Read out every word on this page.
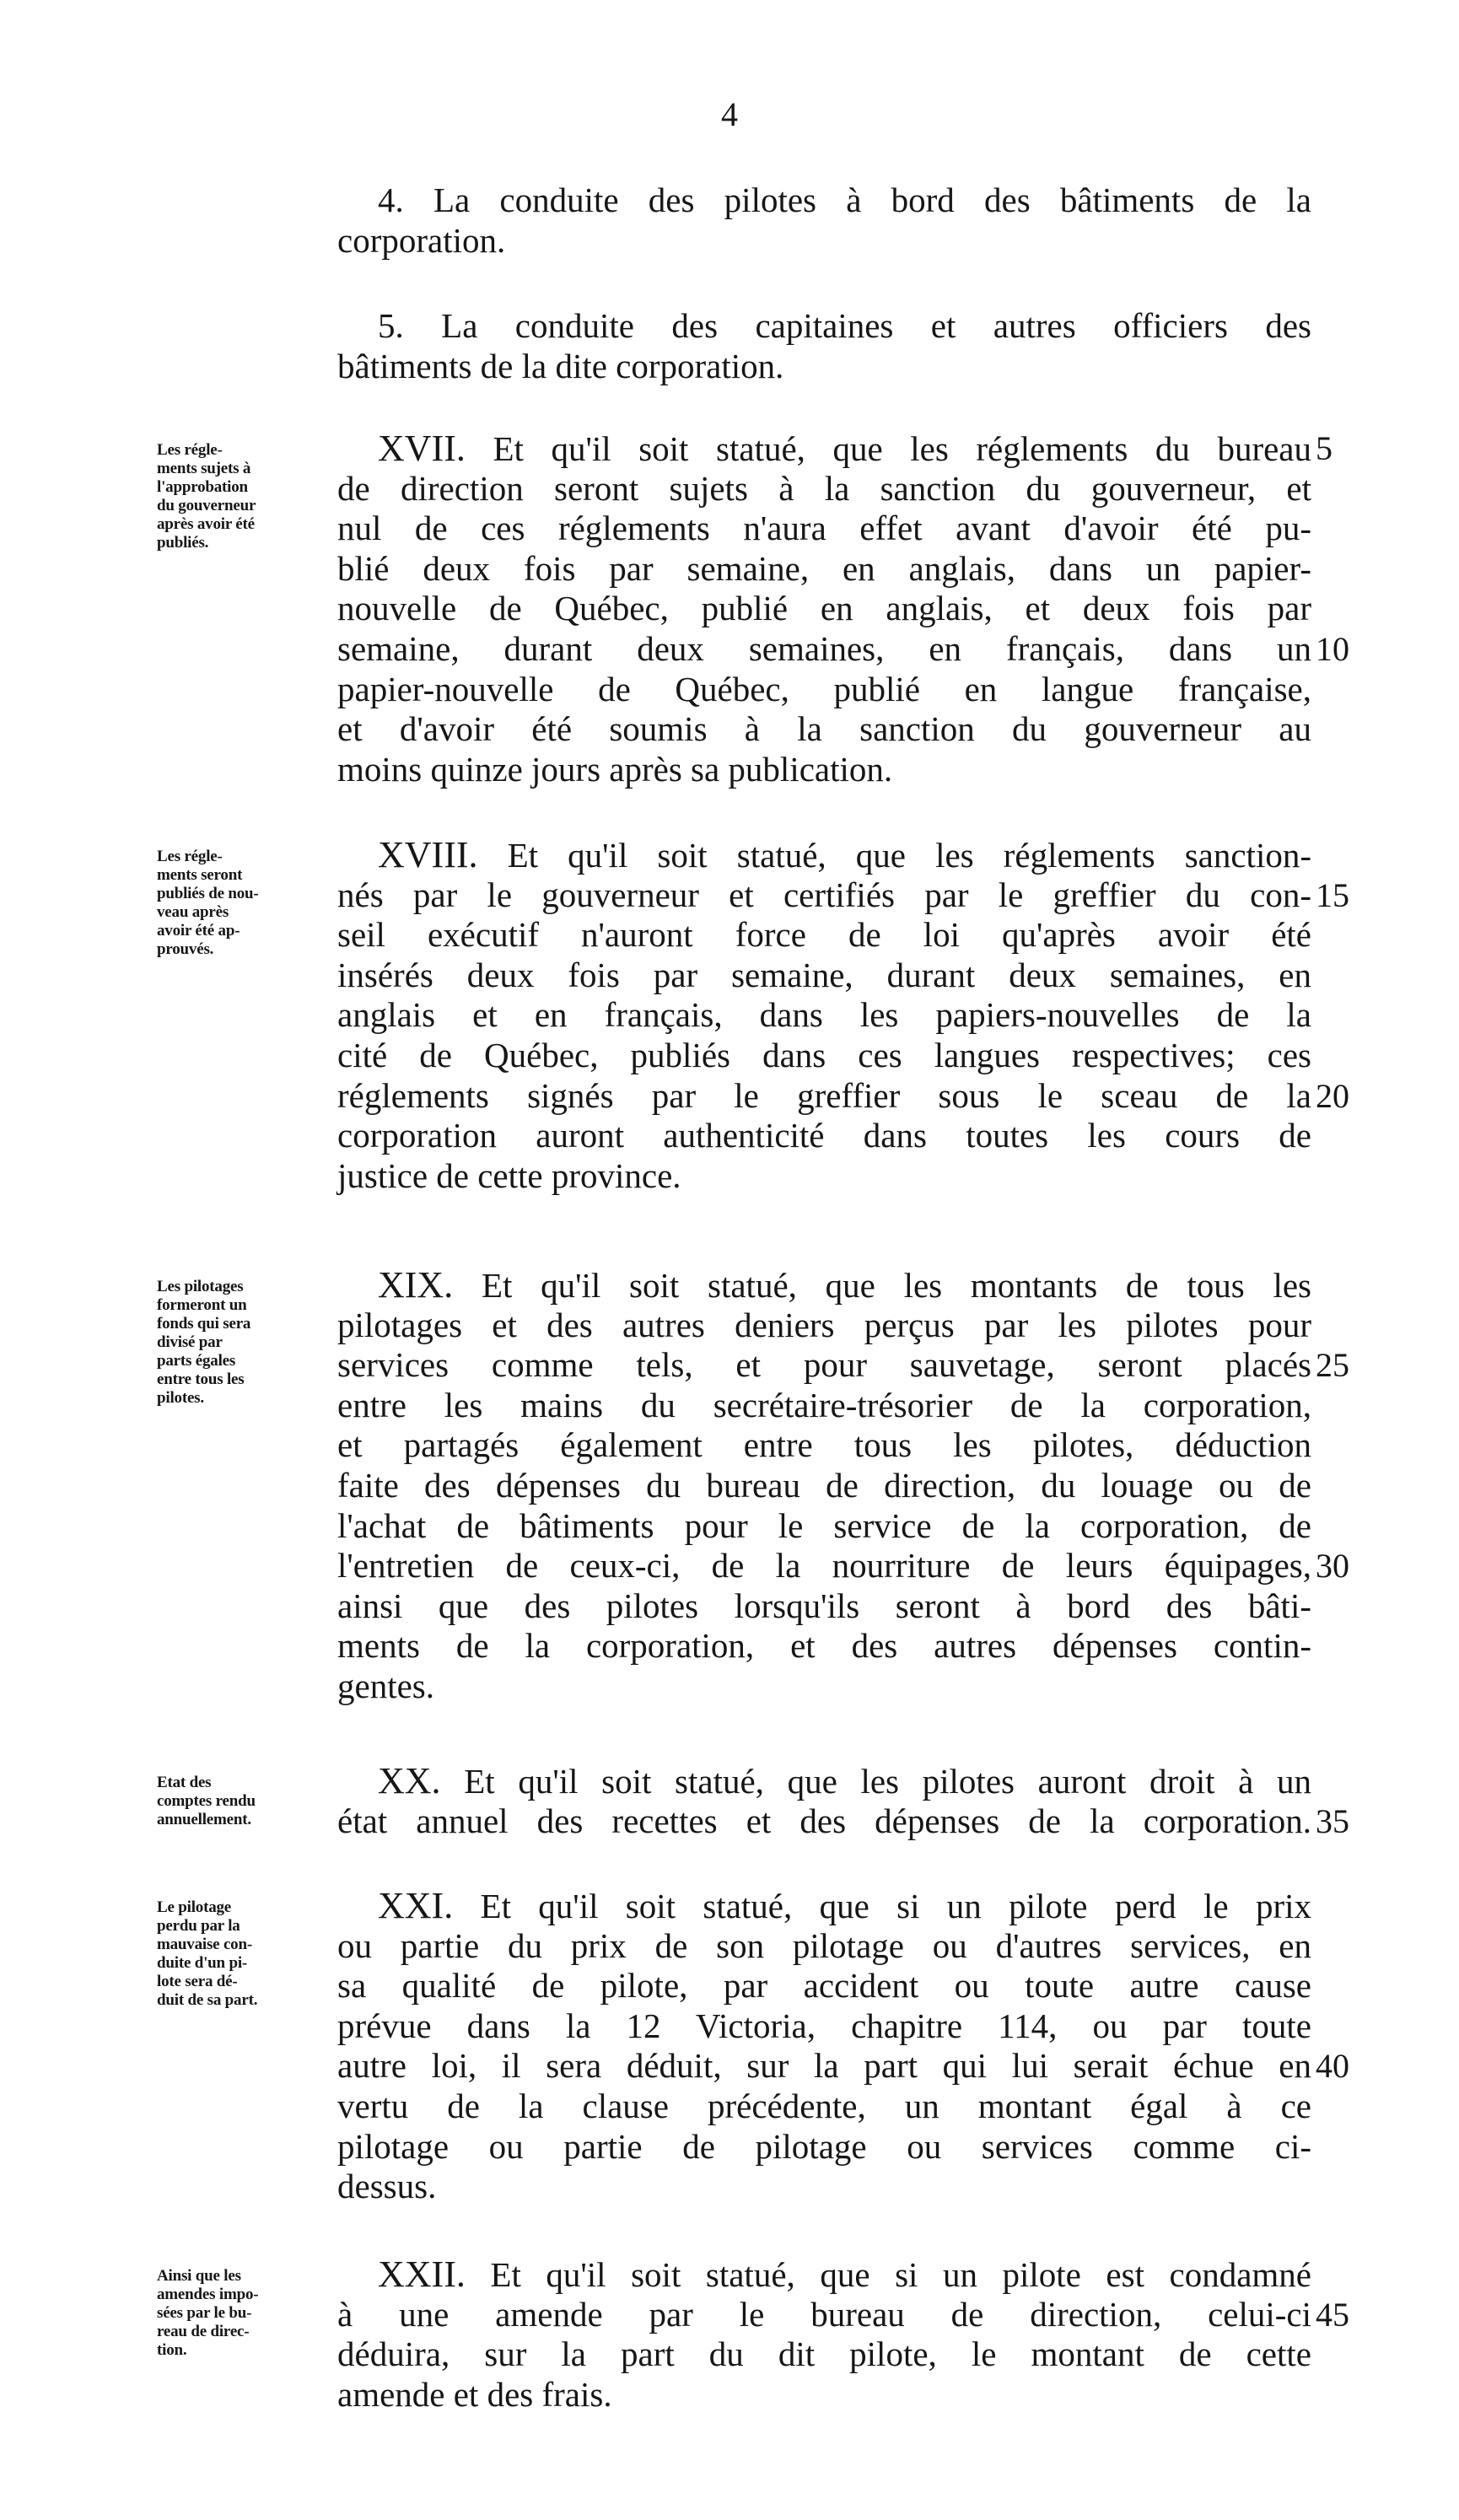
4
4. La conduite des pilotes à bord des bâtiments de la
corporation.
5. La conduite des capitaines et autres officiers des
bâtiments de la dite corporation.
Les régle-
ments sujets à
l'approbation
du gouverneur
après avoir été
publiés.
XVII. Et qu'il soit statué, que les réglements du bureau
de direction seront sujets à la sanction du gouverneur, et
nul de ces réglements n'aura effet avant d'avoir été pu-
blié deux fois par semaine, en anglais, dans un papier-
nouvelle de Québec, publié en anglais, et deux fois par
semaine, durant deux semaines, en français, dans un
papier-nouvelle de Québec, publié en langue française,
et d'avoir été soumis à la sanction du gouverneur au
moins quinze jours après sa publication.
5
10
Les régle-
ments seront
publiés de nou-
veau après
avoir été ap-
prouvés.
XVIII. Et qu'il soit statué, que les réglements sanction-
nés par le gouverneur et certifiés par le greffier du con-
seil exécutif n'auront force de loi qu'après avoir été
insérés deux fois par semaine, durant deux semaines, en
anglais et en français, dans les papiers-nouvelles de la
cité de Québec, publiés dans ces langues respectives; ces
réglements signés par le greffier sous le sceau de la
corporation auront authenticité dans toutes les cours de
justice de cette province.
15
20
Les pilotages
formeront un
fonds qui sera
divisé par
parts égales
entre tous les
pilotes.
XIX. Et qu'il soit statué, que les montants de tous les
pilotages et des autres deniers perçus par les pilotes pour
services comme tels, et pour sauvetage, seront placés
entre les mains du secrétaire-trésorier de la corporation,
et partagés également entre tous les pilotes, déduction
faite des dépenses du bureau de direction, du louage ou de
l'achat de bâtiments pour le service de la corporation, de
l'entretien de ceux-ci, de la nourriture de leurs équipages,
ainsi que des pilotes lorsqu'ils seront à bord des bâti-
ments de la corporation, et des autres dépenses contin-
gentes.
25
30
Etat des
comptes rendu
annuellement.
XX. Et qu'il soit statué, que les pilotes auront droit à un
état annuel des recettes et des dépenses de la corporation. 35
Le pilotage
perdu par la
mauvaise con-
duite d'un pi-
lote sera dé-
duit de sa part.
XXI. Et qu'il soit statué, que si un pilote perd le prix
ou partie du prix de son pilotage ou d'autres services, en
sa qualité de pilote, par accident ou toute autre cause
prévue dans la 12 Victoria, chapitre 114, ou par toute
autre loi, il sera déduit, sur la part qui lui serait échue en
vertu de la clause précédente, un montant égal à ce
pilotage ou partie de pilotage ou services comme ci-
dessus.
40
Ainsi que les
amendes impo-
sées par le bu-
reau de direc-
tion.
XXII. Et qu'il soit statué, que si un pilote est condamné
à une amende par le bureau de direction, celui-ci
déduira, sur la part du dit pilote, le montant de cette
amende et des frais.
45
